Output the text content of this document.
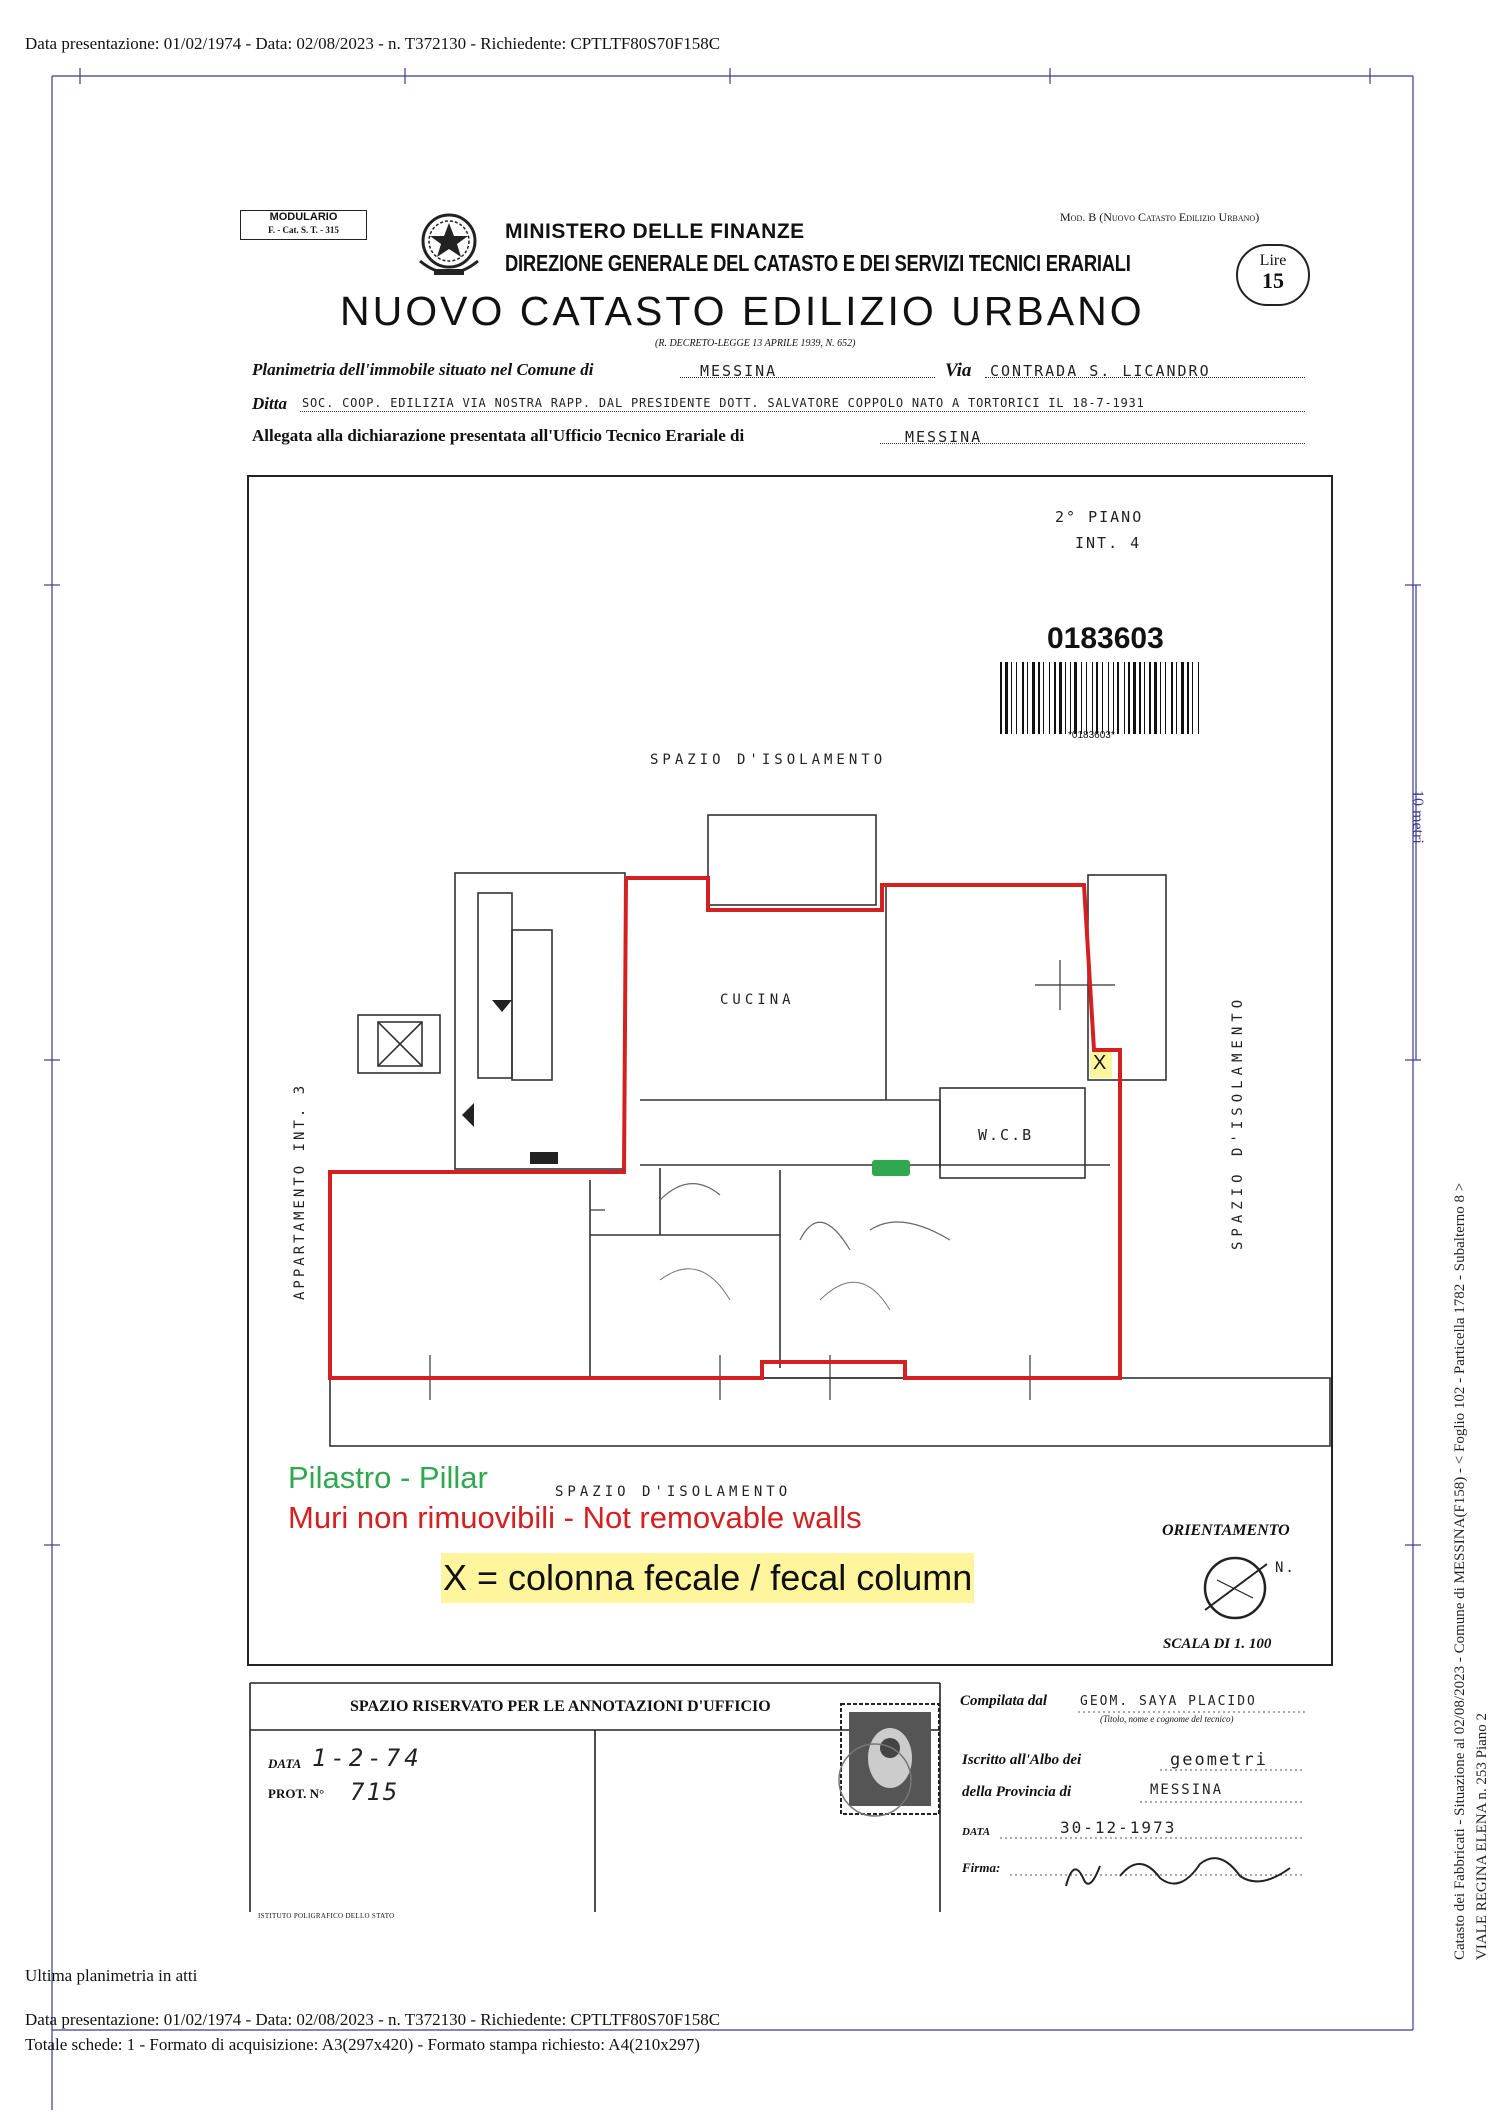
Data presentazione: 01/02/1974 - Data: 02/08/2023 - n. T372130 - Richiedente: CPTLTF80S70F158C
10 metri
Catasto dei Fabbricati - Situazione al 02/08/2023 - Comune di MESSINA(F158) - < Foglio 102 - Particella 1782 - Subalterno 8 > VIALE REGINA ELENA n. 253 Piano 2
MODULARIO
F. - Cat. S. T. - 315	MINISTERO DELLE FINANZE
DIREZIONE GENERALE DEL CATASTO E DEI SERVIZI TECNICI ERARIALI
NUOVO CATASTO EDILIZIO URBANO
(R. DECRETO-LEGGE 13 APRILE 1939, N. 652)
Mod. B (Nuovo Catasto Edilizio Urbano)
Lire
15
Planimetria dell'immobile situato nel Comune di	MESSINA	Via CONTRADA S. LICANDRO
Ditta SOC. COOP. EDILIZIA VIA NOSTRA RAPP. DAL PRESIDENTE DOTT. SALVATORE COPPOLO NATO A TORTORICI IL 18-7-1931
Allegata alla dichiarazione presentata all'Ufficio Tecnico Erariale di	MESSINA
2° PIANO
INT. 4
0183603
*0183603*
SPAZIO D'ISOLAMENTO
CUCINA
W.C.B
X
APPARTAMENTO INT. 3	SPAZIO D'ISOLAMENTO
SPAZIO D'ISOLAMENTO
Pilastro - Pillar
Muri non rimuovibili - Not removable walls
X = colonna fecale / fecal column
ORIENTAMENTO
N.
SCALA DI 1. 100
SPAZIO RISERVATO PER LE ANNOTAZIONI D'UFFICIO
DATA 1-2-74
PROT. N° 715
Compilata dal	GEOM. SAYA PLACIDO
(Titolo, nome e cognome del tecnico)
Iscritto all'Albo dei	geometri
della Provincia di	MESSINA
DATA	30-12-1973
Firma:
ISTITUTO POLIGRAFICO DELLO STATO
Ultima planimetria in atti
Data presentazione: 01/02/1974 - Data: 02/08/2023 - n. T372130 - Richiedente: CPTLTF80S70F158C
Totale schede: 1 - Formato di acquisizione: A3(297x420) - Formato stampa richiesto: A4(210x297)
